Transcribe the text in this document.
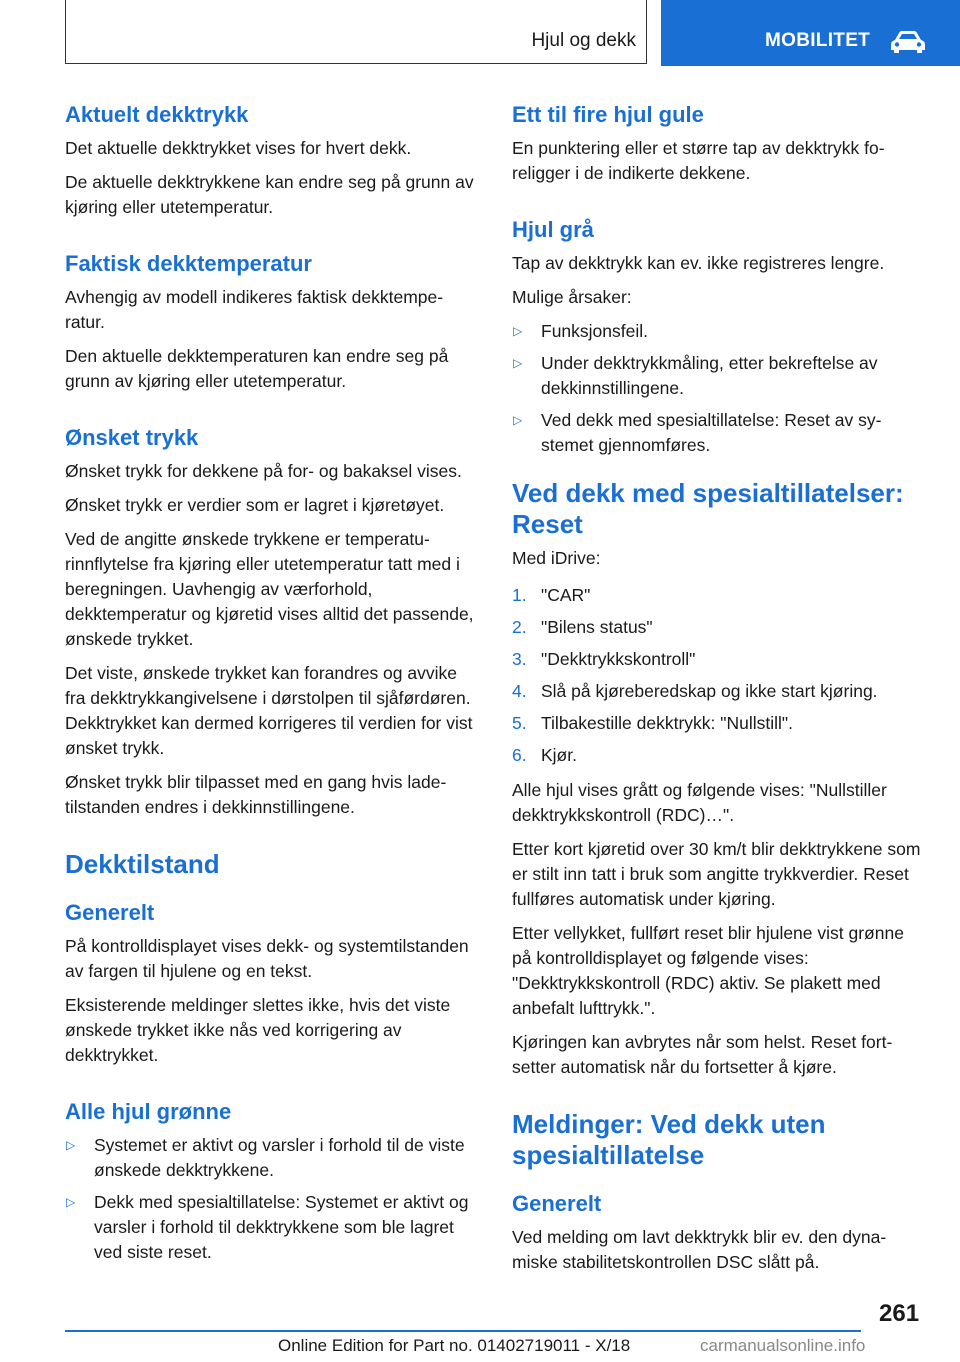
Hjul og dekk	MOBILITET
Aktuelt dekktrykk

Det aktuelle dekktrykket vises for hvert dekk.

De aktuelle dekktrykkene kan endre seg på grunn av kjøring eller utetemperatur.

Faktisk dekktemperatur

Avhengig av modell indikeres faktisk dekktemperatur.

Den aktuelle dekktemperaturen kan endre seg på grunn av kjøring eller utetemperatur.

Ønsket trykk

Ønsket trykk for dekkene på for- og bakaksel vises.

Ønsket trykk er verdier som er lagret i kjøretøyet.

Ved de angitte ønskede trykkene er temperaturinnflytelse fra kjøring eller utetemperatur tatt med i beregningen. Uavhengig av værforhold, dekktemperatur og kjøretid vises alltid det passende, ønskede trykket.

Det viste, ønskede trykket kan forandres og avvike fra dekktrykkangivelsene i dørstolpen til sjåførdøren. Dekktrykket kan dermed korrigeres til verdien for vist ønsket trykk.

Ønsket trykk blir tilpasset med en gang hvis ladetilstanden endres i dekkinnstillingene.

Dekktilstand
Generelt

På kontrolldisplayet vises dekk- og systemtilstanden av fargen til hjulene og en tekst.

Eksisterende meldinger slettes ikke, hvis det viste ønskede trykket ikke nås ved korrigering av dekktrykket.

Alle hjul grønne
▷ Systemet er aktivt og varsler i forhold til de viste ønskede dekktrykkene.
▷ Dekk med spesialtillatelse: Systemet er aktivt og varsler i forhold til dekktrykkene som ble lagret ved siste reset.
Ett til fire hjul gule

En punktering eller et større tap av dekktrykk foreligger i de indikerte dekkene.

Hjul grå

Tap av dekktrykk kan ev. ikke registreres lengre.

Mulige årsaker:

▷ Funksjonsfeil.
▷ Under dekktrykkmåling, etter bekreftelse av dekkinnstillingene.
▷ Ved dekk med spesialtillatelse: Reset av systemet gjennomføres.
Ved dekk med spesialtillatelser: Reset

Med iDrive:

1. "CAR"
2. "Bilens status"
3. "Dekktrykkskontroll"
4. Slå på kjøreberedskap og ikke start kjøring.
5. Tilbakestille dekktrykk: "Nullstill".
6. Kjør.

Alle hjul vises grått og følgende vises: "Nullstiller dekktrykkskontroll (RDC)…".

Etter kort kjøretid over 30 km/t blir dekktrykkene som er stilt inn tatt i bruk som angitte trykkverdier. Reset fullføres automatisk under kjøring.

Etter vellykket, fullført reset blir hjulene vist grønne på kontrolldisplayet og følgende vises: "Dekktrykkskontroll (RDC) aktiv. Se plakett med anbefalt lufttrykk.".

Kjøringen kan avbrytes når som helst. Reset fortsetter automatisk når du fortsetter å kjøre.

Meldinger: Ved dekk uten spesialtillatelse
Generelt

Ved melding om lavt dekktrykk blir ev. den dynamiske stabilitetskontrollen DSC slått på.

261
Online Edition for Part no. 01402719011 - X/18	carmanualsonline.info
